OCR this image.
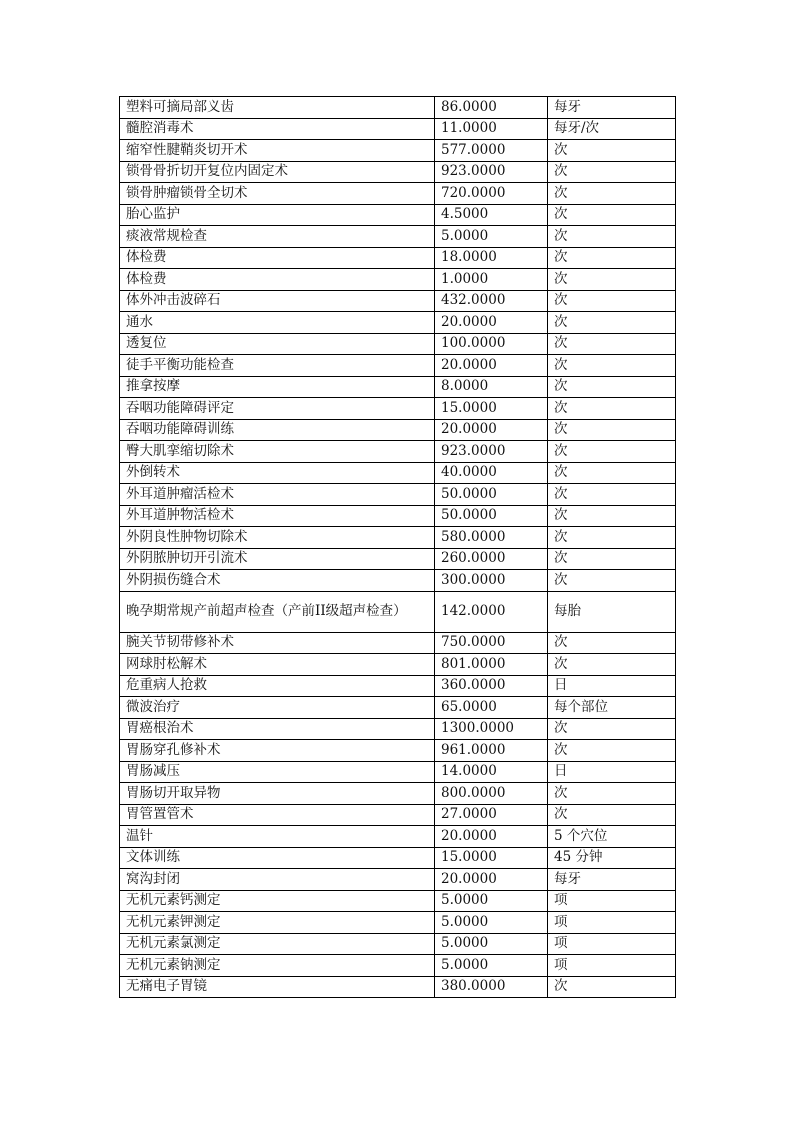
塑料可摘局部义齿	86.0000	每牙
髓腔消毒术	11.0000	每牙/次
缩窄性腱鞘炎切开术	577.0000	次
锁骨骨折切开复位内固定术	923.0000	次
锁骨肿瘤锁骨全切术	720.0000	次
胎心监护	4.5000	次
痰液常规检查	5.0000	次
体检费	18.0000	次
体检费	1.0000	次
体外冲击波碎石	432.0000	次
通水	20.0000	次
透复位	100.0000	次
徒手平衡功能检查	20.0000	次
推拿按摩	8.0000	次
吞咽功能障碍评定	15.0000	次
吞咽功能障碍训练	20.0000	次
臀大肌挛缩切除术	923.0000	次
外倒转术	40.0000	次
外耳道肿瘤活检术	50.0000	次
外耳道肿物活检术	50.0000	次
外阴良性肿物切除术	580.0000	次
外阴脓肿切开引流术	260.0000	次
外阴损伤缝合术	300.0000	次
晚孕期常规产前超声检查（产前II级超声检查）	142.0000	每胎
腕关节韧带修补术	750.0000	次
网球肘松解术	801.0000	次
危重病人抢救	360.0000	日
微波治疗	65.0000	每个部位
胃癌根治术	1300.0000	次
胃肠穿孔修补术	961.0000	次
胃肠减压	14.0000	日
胃肠切开取异物	800.0000	次
胃管置管术	27.0000	次
温针	20.0000	5 个穴位
文体训练	15.0000	45 分钟
窝沟封闭	20.0000	每牙
无机元素钙测定	5.0000	项
无机元素钾测定	5.0000	项
无机元素氯测定	5.0000	项
无机元素钠测定	5.0000	项
无痛电子胃镜	380.0000	次
